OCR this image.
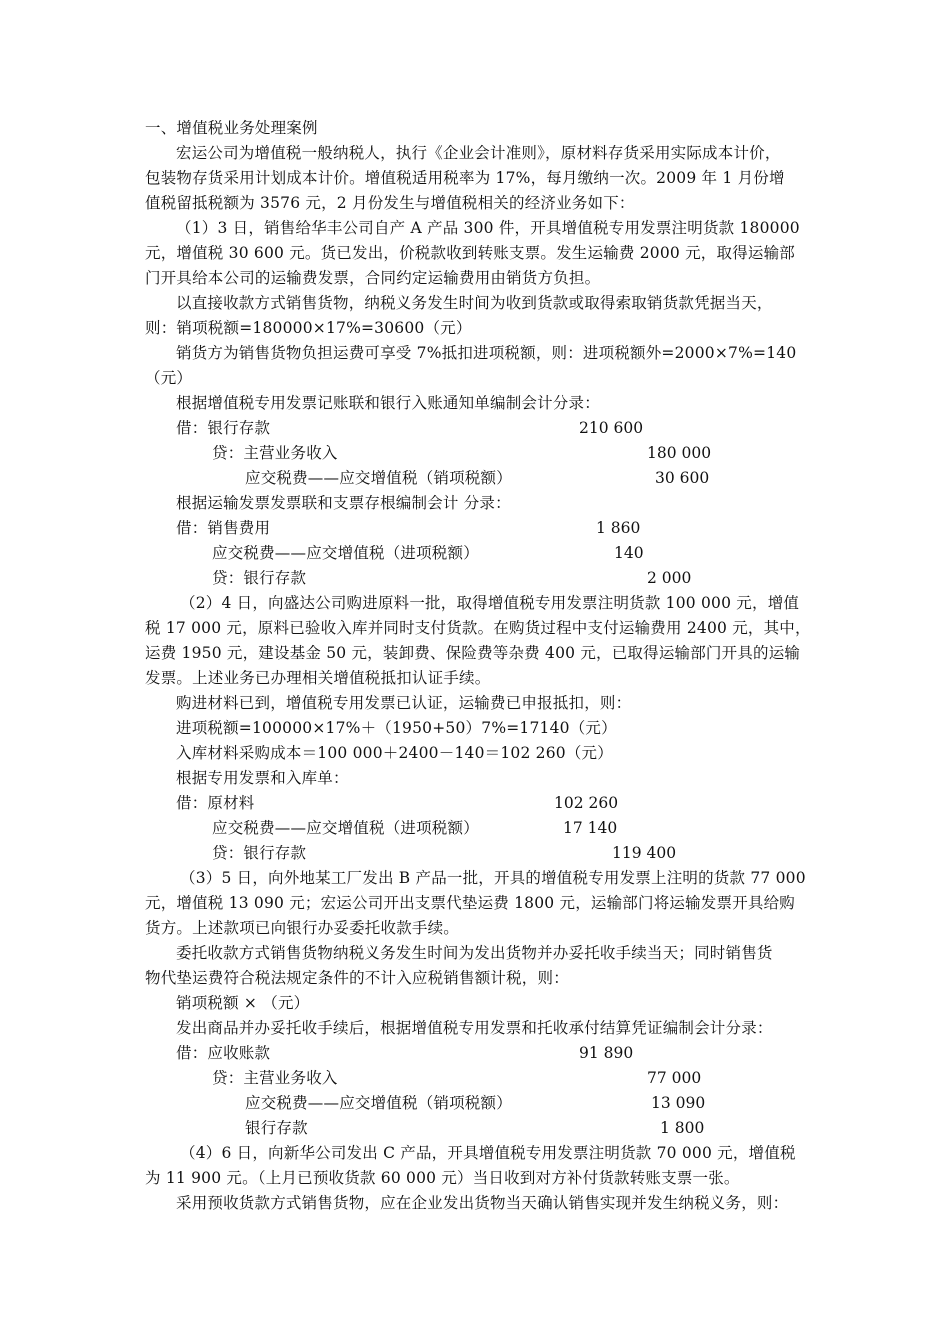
一、增值税业务处理案例
宏运公司为增值税一般纳税人，执行《企业会计准则》，原材料存货采用实际成本计价，
包装物存货采用计划成本计价。增值税适用税率为 17%，每月缴纳一次。2009 年 1 月份增
值税留抵税额为 3576 元，2 月份发生与增值税相关的经济业务如下：
（1）3 日，销售给华丰公司自产 A 产品 300 件，开具增值税专用发票注明货款 180000
元，增值税 30 600 元。货已发出，价税款收到转账支票。发生运输费 2000 元，取得运输部
门开具给本公司的运输费发票，合同约定运输费用由销货方负担。
以直接收款方式销售货物，纳税义务发生时间为收到货款或取得索取销货款凭据当天，
则：销项税额=180000×17%=30600（元）
销货方为销售货物负担运费可享受 7%抵扣进项税额，则：进项税额外=2000×7%=140
（元）
根据增值税专用发票记账联和银行入账通知单编制会计分录：
借：银行存款	210 600
贷：主营业务收入	180 000
应交税费——应交增值税（销项税额）	30 600
根据运输发票发票联和支票存根编制会计 分录：
借：销售费用	1 860
应交税费——应交增值税（进项税额）	140
贷：银行存款	2 000
（2）4 日，向盛达公司购进原料一批，取得增值税专用发票注明货款 100 000 元，增值
税 17 000 元，原料已验收入库并同时支付货款。在购货过程中支付运输费用 2400 元，其中，
运费 1950 元，建设基金 50 元，装卸费、保险费等杂费 400 元，已取得运输部门开具的运输
发票。上述业务已办理相关增值税抵扣认证手续。
购进材料已到，增值税专用发票已认证，运输费已申报抵扣，则：
进项税额=100000×17%＋（1950+50）7%=17140（元）
入库材料采购成本＝100 000＋2400－140＝102 260（元）
根据专用发票和入库单：
借：原材料	102 260
应交税费——应交增值税（进项税额）	17 140
贷：银行存款	119 400
（3）5 日，向外地某工厂发出 B 产品一批，开具的增值税专用发票上注明的货款 77 000
元，增值税 13 090 元；宏运公司开出支票代垫运费 1800 元，运输部门将运输发票开具给购
货方。上述款项已向银行办妥委托收款手续。
委托收款方式销售货物纳税义务发生时间为发出货物并办妥托收手续当天；同时销售货
物代垫运费符合税法规定条件的不计入应税销售额计税，则：
销项税额 × （元）
发出商品并办妥托收手续后，根据增值税专用发票和托收承付结算凭证编制会计分录：
借：应收账款	91 890
贷：主营业务收入	77 000
应交税费——应交增值税（销项税额）	13 090
银行存款	1 800
（4）6 日，向新华公司发出 C 产品，开具增值税专用发票注明货款 70 000 元，增值税
为 11 900 元。（上月已预收货款 60 000 元）当日收到对方补付货款转账支票一张。
采用预收货款方式销售货物，应在企业发出货物当天确认销售实现并发生纳税义务，则：
